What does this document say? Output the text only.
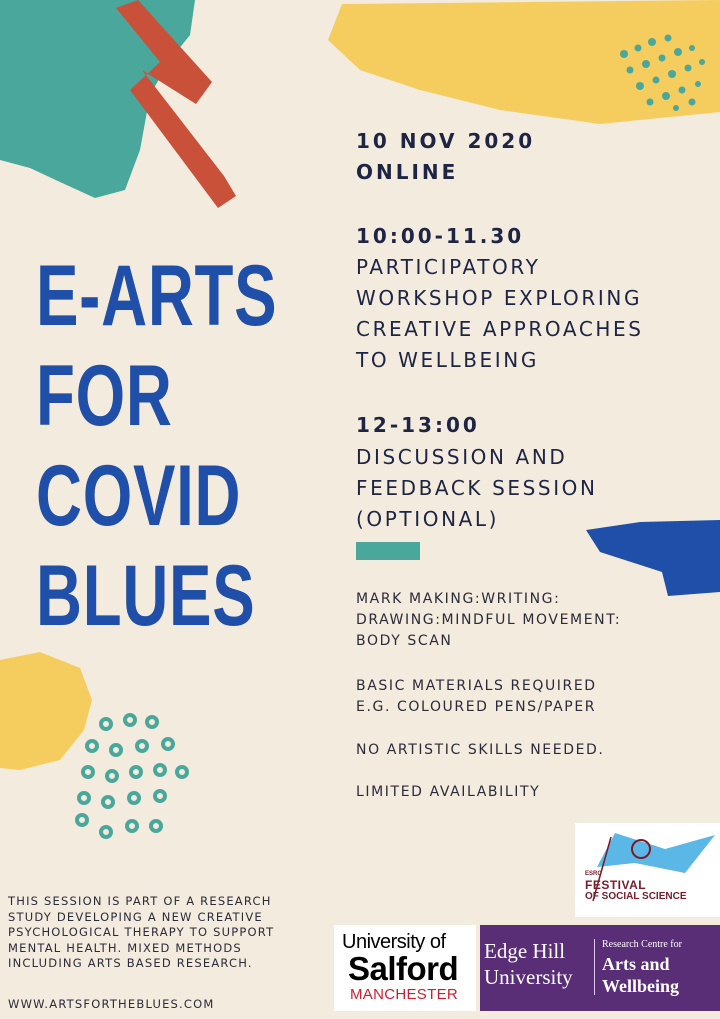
E-ARTS
FOR
COVID
BLUES

10 NOV 2020

ONLINE

10:00-11.30

PARTICIPATORY
WORKSHOP EXPLORING
CREATIVE APPROACHES
TO WELLBEING

12-13:00

DISCUSSION AND
FEEDBACK SESSION
(OPTIONAL)

MARK MAKING:WRITING:
DRAWING:MINDFUL MOVEMENT:
BODY SCAN

BASIC MATERIALS REQUIRED
E.G. COLOURED PENS/PAPER

NO ARTISTIC SKILLS NEEDED.

LIMITED AVAILABILITY

THIS SESSION IS PART OF A RESEARCH
STUDY DEVELOPING A NEW CREATIVE
PSYCHOLOGICAL THERAPY TO SUPPORT
MENTAL HEALTH. MIXED METHODS
INCLUDING ARTS BASED RESEARCH.

WWW.ARTSFORTHEBLUES.COM

ESRC
FESTIVAL
OF SOCIAL SCIENCE
University of
Salford
MANCHESTER
Edge Hill
University
Research Centre for
Arts and
Wellbeing
